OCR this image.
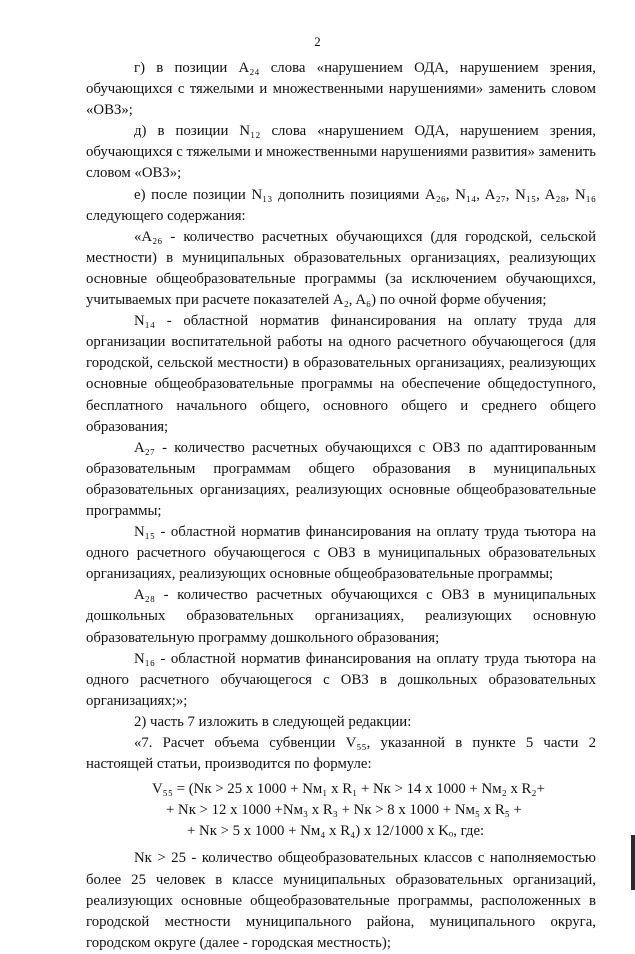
2

г) в позиции A₂₄ слова «нарушением ОДА, нарушением зрения, обучающихся с тяжелыми и множественными нарушениями» заменить словом «ОВЗ»;

д) в позиции N₁₂ слова «нарушением ОДА, нарушением зрения, обучающихся с тяжелыми и множественными нарушениями развития» заменить словом «ОВЗ»;

е) после позиции N₁₃ дополнить позициями A₂₆, N₁₄, A₂₇, N₁₅, A₂₈, N₁₆ следующего содержания:

«A₂₆ - количество расчетных обучающихся (для городской, сельской местности) в муниципальных образовательных организациях, реализующих основные общеобразовательные программы (за исключением обучающихся, учитываемых при расчете показателей A₂, A₆) по очной форме обучения;

N₁₄ - областной норматив финансирования на оплату труда для организации воспитательной работы на одного расчетного обучающегося (для городской, сельской местности) в образовательных организациях, реализующих основные общеобразовательные программы на обеспечение общедоступного, бесплатного начального общего, основного общего и среднего общего образования;

A₂₇ - количество расчетных обучающихся с ОВЗ по адаптированным образовательным программам общего образования в муниципальных образовательных организациях, реализующих основные общеобразовательные программы;

N₁₅ - областной норматив финансирования на оплату труда тьютора на одного расчетного обучающегося с ОВЗ в муниципальных образовательных организациях, реализующих основные общеобразовательные программы;

A₂₈ - количество расчетных обучающихся с ОВЗ в муниципальных дошкольных образовательных организациях, реализующих основную образовательную программу дошкольного образования;

N₁₆ - областной норматив финансирования на оплату труда тьютора на одного расчетного обучающегося с ОВЗ в дошкольных образовательных организациях;»;

2) часть 7 изложить в следующей редакции:

«7. Расчет объема субвенции V₅₅, указанной в пункте 5 части 2 настоящей статьи, производится по формуле:

V₅₅ = (Nк > 25 x 1000 + Nм₁ x R₁ + Nк > 14 x 1000 + Nм₂ x R₂+
+ Nк > 12 x 1000 +Nм₃ x R₃ + Nк > 8 x 1000 + Nм₅ x R₅ +
+ Nк > 5 x 1000 + Nм₄ x R₄) x 12/1000 x Kₒ, где:

Nк > 25 - количество общеобразовательных классов с наполняемостью более 25 человек в классе муниципальных образовательных организаций, реализующих основные общеобразовательные программы, расположенных в городской местности муниципального района, муниципального округа, городском округе (далее - городская местность);
